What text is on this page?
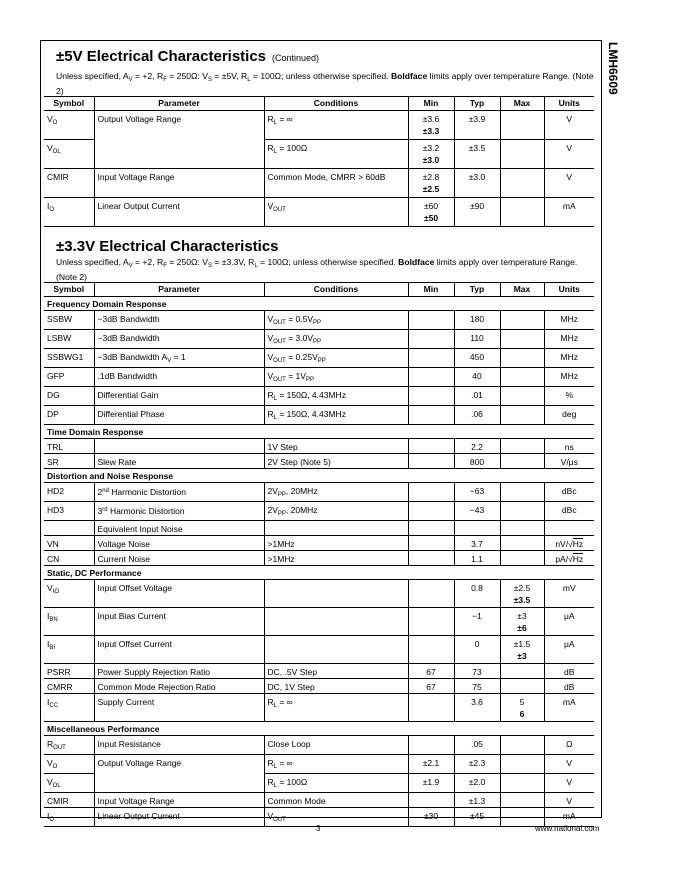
LMH6609
±5V Electrical Characteristics (Continued)

Unless specified, $A_V = +2$, $R_F = 250\Omega$: $V_S = \pm 5V$, $R_L = 100\Omega$; unless otherwise specified. Boldface limits apply over temperature Range. (Note 2)

Symbol	Parameter	Conditions	Min	Typ	Max	Units
$V_O$	Output Voltage Range	$R_L$ = ∞	±3.6
±3.3	±3.9		V
$V_{OL}$		$R_L = 100\Omega$	±3.2
±3.0	±3.5		V
CMIR	Input Voltage Range	Common Mode, CMRR > 60dB	±2.8
±2.5	±3.0		V
$I_O$	Linear Output Current	$V_{OUT}$	±60
±50	±90		mA
±3.3V Electrical Characteristics

Unless specified, $A_V = +2$, $R_F = 250\Omega$: $V_S = \pm 3.3V$, $R_L = 100\Omega$; unless otherwise specified. Boldface limits apply over temperature Range. (Note 2)

Symbol	Parameter	Conditions	Min	Typ	Max	Units
Frequency Domain Response						
SSBW	−3dB Bandwidth	$V_{OUT} = 0.5V_{PP}$		180		MHz
LSBW	−3dB Bandwidth	$V_{OUT} = 3.0V_{PP}$		110		MHz
SSBWG1	−3dB Bandwidth $A_V = 1$	$V_{OUT} = 0.25V_{PP}$		450		MHz
GFP	.1dB Bandwidth	$V_{OUT} = 1V_{PP}$		40		MHz
DG	Differential Gain	$R_L = 150\Omega$, 4.43MHz		.01		%
DP	Differential Phase	$R_L = 150\Omega$, 4.43MHz		.06		deg
Time Domain Response						
TRL		1V Step		2.2		ns
SR	Slew Rate	2V Step (Note 5)		800		V/μs
Distortion and Noise Response						
HD2	2nd Harmonic Distortion	$2V_{PP}$, 20MHz		−63		dBc
HD3	3rd Harmonic Distortion	$2V_{PP}$, 20MHz		−43		dBc
	Equivalent Input Noise					
VN	Voltage Noise	>1MHz		3.7		nV/√Hz
CN	Current Noise	>1MHz		1.1		pA/√Hz
Static, DC Performance						
$V_{IO}$	Input Offset Voltage			0.8	±2.5
±3.5	mV
$I_{BN}$	Input Bias Current			−1	±3
±6	μA
$I_{BI}$	Input Offset Current			0	±1.5
±3	μA
PSRR	Power Supply Rejection Ratio	DC, .5V Step	67	73		dB
CMRR	Common Mode Rejection Ratio	DC, 1V Step	67	75		dB
$I_{CC}$	Supply Current	$R_L$ = ∞		3.6	5
6	mA
Miscellaneous Performance						
$R_{OUT}$	Input Resistance	Close Loop		.05		Ω
$V_O$	Output Voltage Range	$R_L$ = ∞	±2.1	±2.3		V
$V_{OL}$		$R_L = 100\Omega$	±1.9	±2.0		V
CMIR	Input Voltage Range	Common Mode		±1.3		V
$I_O$	Linear Output Current	$V_{OUT}$	±30	±45		mA
3	www.national.com
